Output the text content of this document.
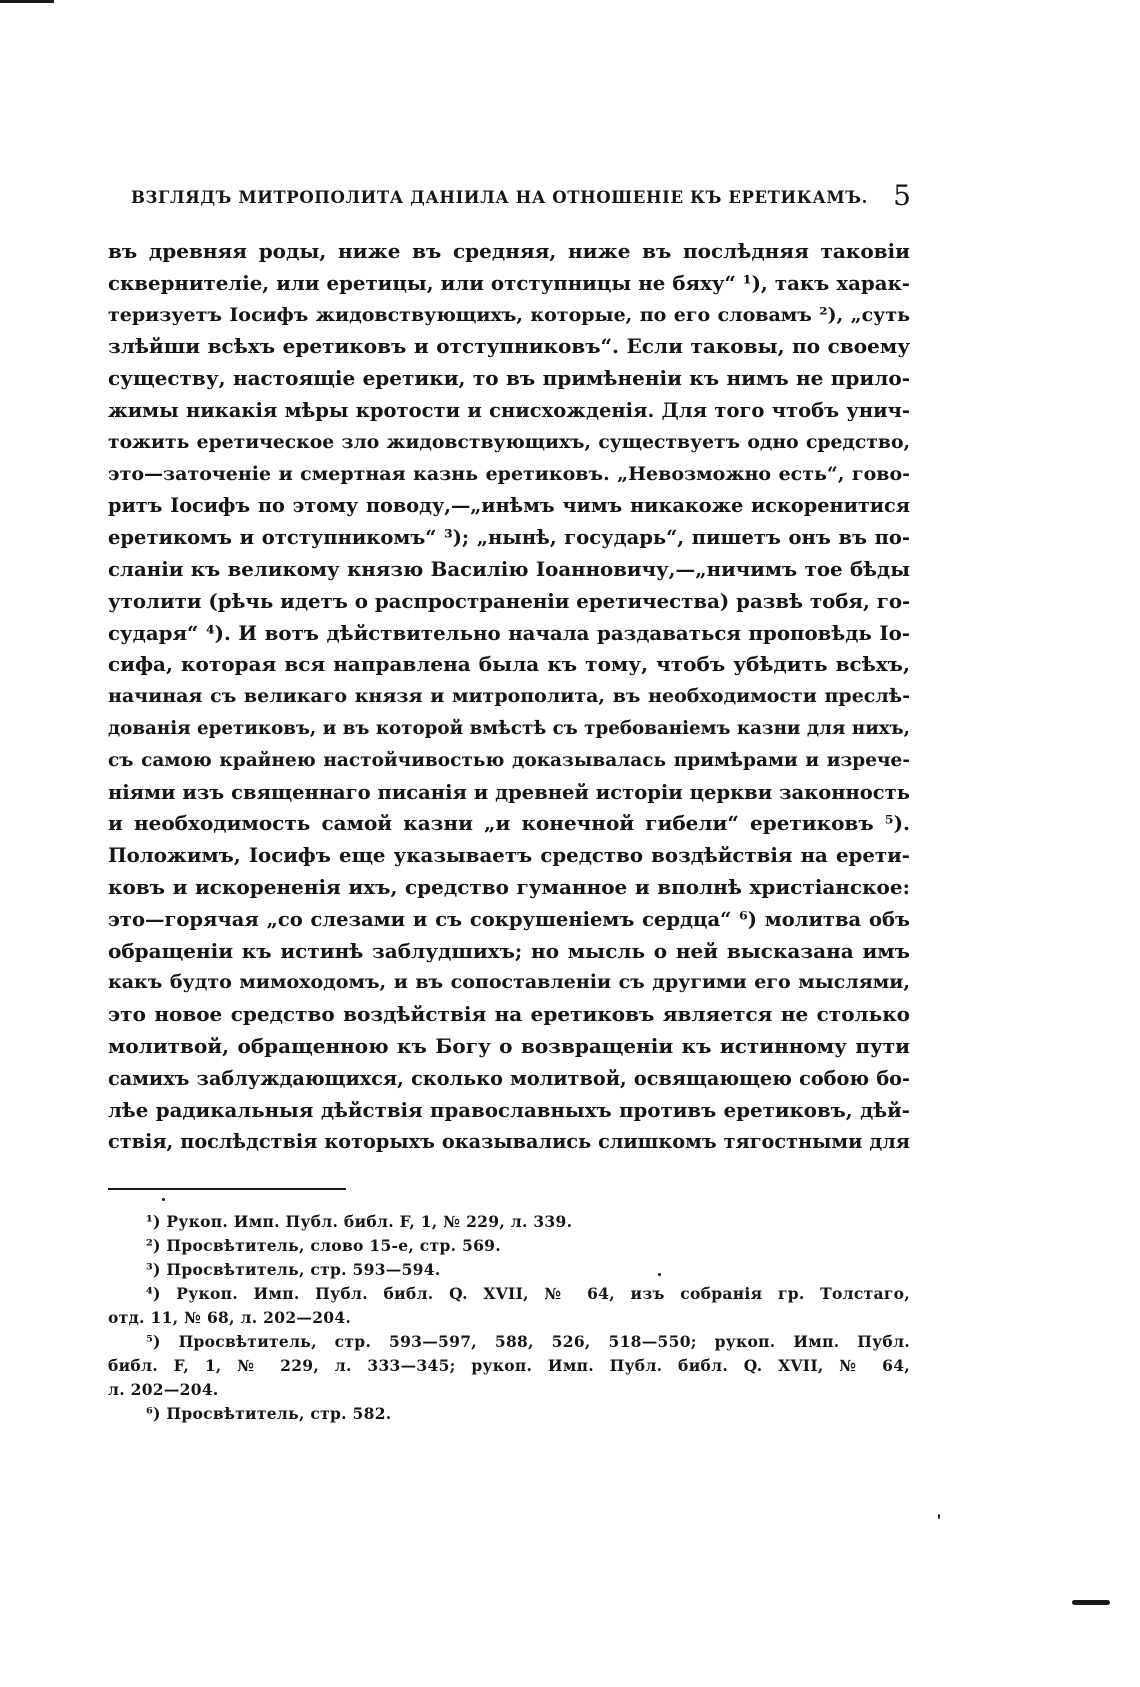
ВЗГЛЯДЪ МИТРОПОЛИТА ДАНІИЛА НА ОТНОШЕНІЕ КЪ ЕРЕТИКАМЪ. 5
въ древняя роды, ниже въ средняя, ниже въ послѣдняя таковіи
сквернителіе, или еретицы, или отступницы не бяху“ ¹), такъ харак-
теризуетъ Іосифъ жидовствующихъ, которые, по его словамъ ²), „суть
злѣйши всѣхъ еретиковъ и отступниковъ“. Если таковы, по своему
существу, настоящіе еретики, то въ примѣненіи къ нимъ не прило-
жимы никакія мѣры кротости и снисхожденія. Для того чтобъ унич-
тожить еретическое зло жидовствующихъ, существуетъ одно средство,
это—заточеніе и смертная казнь еретиковъ. „Невозможно есть“, гово-
ритъ Іосифъ по этому поводу,—„инѣмъ чимъ никакоже искоренитися
еретикомъ и отступникомъ“ ³); „нынѣ, государь“, пишетъ онъ въ по-
сланіи къ великому князю Василію Іоанновичу,—„ничимъ тое бѣды
утолити (рѣчь идетъ о распространеніи еретичества) развѣ тобя, го-
сударя“ ⁴). И вотъ дѣйствительно начала раздаваться проповѣдь Іо-
сифа, которая вся направлена была къ тому, чтобъ убѣдить всѣхъ,
начиная съ великаго князя и митрополита, въ необходимости преслѣ-
дованія еретиковъ, и въ которой вмѣстѣ съ требованіемъ казни для нихъ,
съ самою крайнею настойчивостью доказывалась примѣрами и изрече-
ніями изъ священнаго писанія и древней исторіи церкви законность
и необходимость самой казни „и конечной гибели“ еретиковъ ⁵).
Положимъ, Іосифъ еще указываетъ средство воздѣйствія на ерети-
ковъ и искорененія ихъ, средство гуманное и вполнѣ христіанское:
это—горячая „со слезами и съ сокрушеніемъ сердца“ ⁶) молитва объ
обращеніи къ истинѣ заблудшихъ; но мысль о ней высказана имъ
какъ будто мимоходомъ, и въ сопоставленіи съ другими его мыслями,
это новое средство воздѣйствія на еретиковъ является не столько
молитвой, обращенною къ Богу о возвращеніи къ истинному пути
самихъ заблуждающихся, сколько молитвой, освящающею собою бо-
лѣе радикальныя дѣйствія православныхъ противъ еретиковъ, дѣй-
ствія, послѣдствія которыхъ оказывались слишкомъ тягостными для
¹) Рукоп. Имп. Публ. библ. F, 1, № 229, л. 339.
²) Просвѣтитель, слово 15-е, стр. 569.
³) Просвѣтитель, стр. 593—594.
⁴) Рукоп. Имп. Публ. библ. Q. XVII, № 64, изъ собранія гр. Толстаго,
отд. 11, № 68, л. 202—204.
⁵) Просвѣтитель, стр. 593—597, 588, 526, 518—550; рукоп. Имп. Публ.
библ. F, 1, № 229, л. 333—345; рукоп. Имп. Публ. библ. Q. XVII, № 64,
л. 202—204.
⁶) Просвѣтитель, стр. 582.
